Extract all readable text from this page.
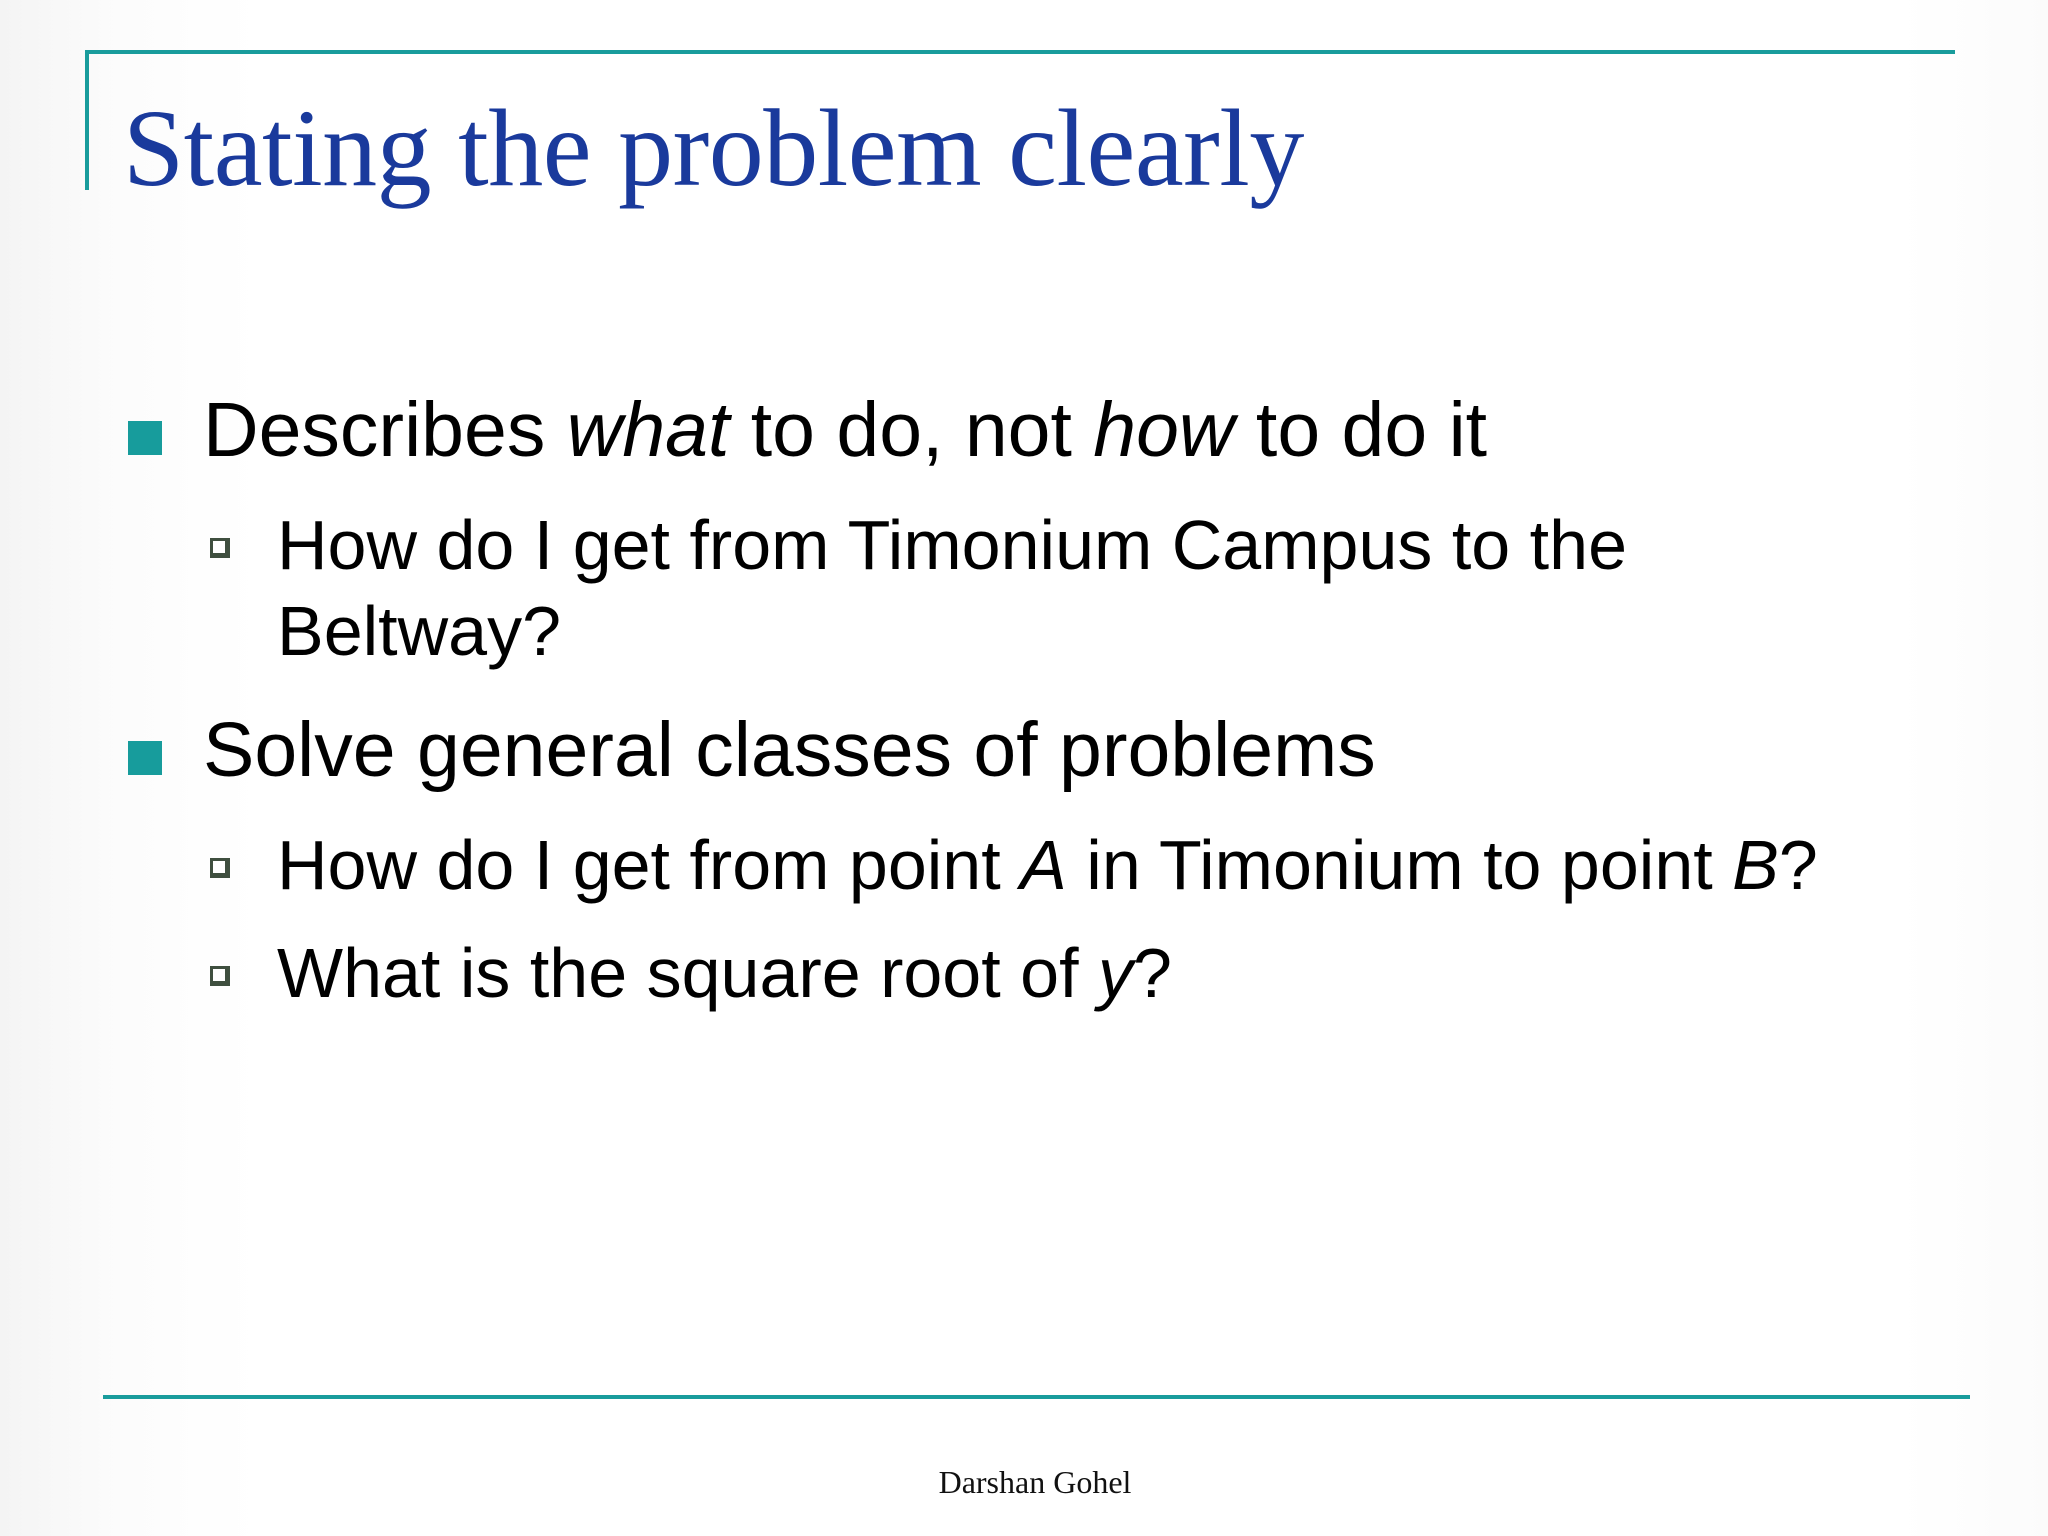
Stating the problem clearly
Describes what to do, not how to do it
How do I get from Timonium Campus to the
Beltway?
Solve general classes of problems
How do I get from point A in Timonium to point B?
What is the square root of y?
Darshan Gohel
